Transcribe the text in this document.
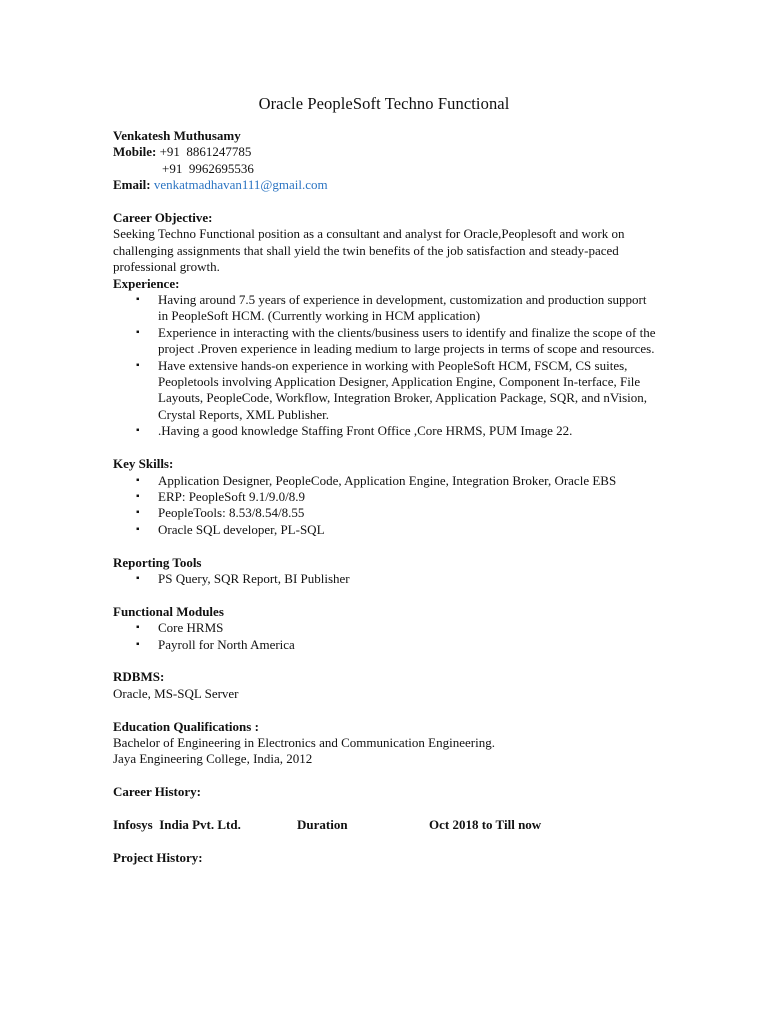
Oracle PeopleSoft Techno Functional
Venkatesh Muthusamy
Mobile: +91  8861247785
+91  9962695536
Email: venkatmadhavan111@gmail.com
Career Objective:
Seeking Techno Functional position as a consultant and analyst for Oracle,Peoplesoft and work on challenging assignments that shall yield the twin benefits of the job satisfaction and steady-paced professional growth.
Experience:
▪ Having around 7.5 years of experience in development, customization and production support in PeopleSoft HCM. (Currently working in HCM application)
▪ Experience in interacting with the clients/business users to identify and finalize the scope of the project .Proven experience in leading medium to large projects in terms of scope and resources.
▪ Have extensive hands-on experience in working with PeopleSoft HCM, FSCM, CS suites, Peopletools involving Application Designer, Application Engine, Component In-terface, File Layouts, PeopleCode, Workflow, Integration Broker, Application Package, SQR, and nVision, Crystal Reports, XML Publisher.
▪ .Having a good knowledge Staffing Front Office ,Core HRMS, PUM Image 22.
Key Skills:
▪ Application Designer, PeopleCode, Application Engine, Integration Broker, Oracle EBS
▪ ERP: PeopleSoft 9.1/9.0/8.9
▪ PeopleTools: 8.53/8.54/8.55
▪ Oracle SQL developer, PL-SQL
Reporting Tools
▪ PS Query, SQR Report, BI Publisher
Functional Modules
▪ Core HRMS
▪ Payroll for North America
RDBMS:
Oracle, MS-SQL Server
Education Qualifications :
Bachelor of Engineering in Electronics and Communication Engineering.
Jaya Engineering College, India, 2012
Career History:
Infosys  India Pvt. Ltd.	Duration	Oct 2018 to Till now
Project History:
